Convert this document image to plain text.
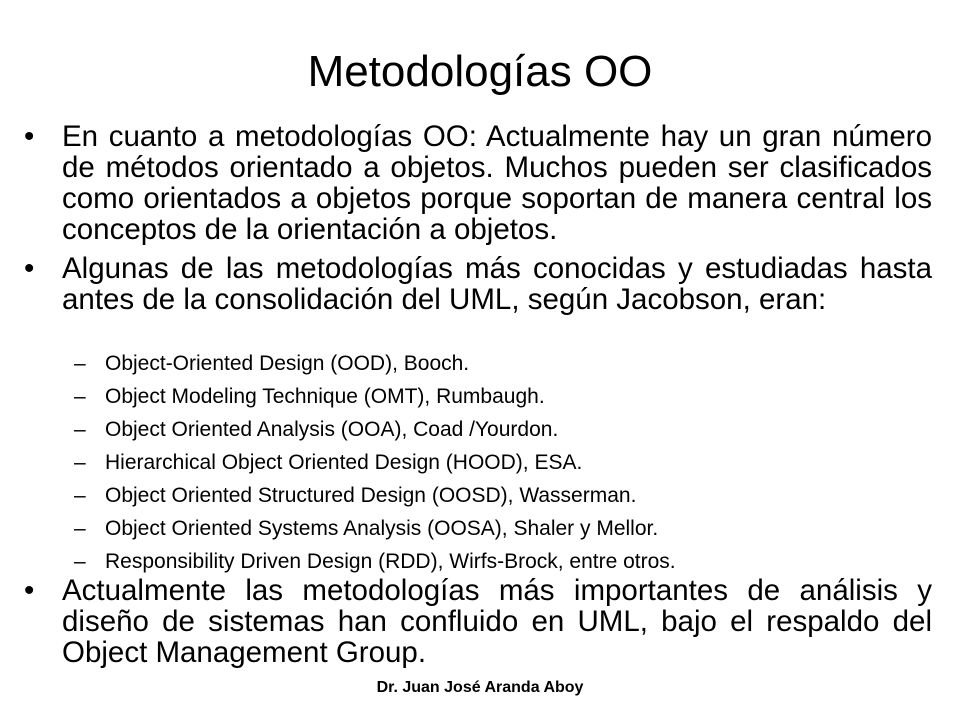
Metodologías OO
• En cuanto a metodologías OO: Actualmente hay un gran número de métodos orientado a objetos. Muchos pueden ser clasificados como orientados a objetos porque soportan de manera central los conceptos de la orientación a objetos.
• Algunas de las metodologías más conocidas y estudiadas hasta antes de la consolidación del UML, según Jacobson, eran:
– Object-Oriented Design (OOD), Booch.
– Object Modeling Technique (OMT), Rumbaugh.
– Object Oriented Analysis (OOA), Coad /Yourdon.
– Hierarchical Object Oriented Design (HOOD), ESA.
– Object Oriented Structured Design (OOSD), Wasserman.
– Object Oriented Systems Analysis (OOSA), Shaler y Mellor.
– Responsibility Driven Design (RDD), Wirfs-Brock, entre otros.
• Actualmente las metodologías más importantes de análisis y diseño de sistemas han confluido en UML, bajo el respaldo del Object Management Group.
Dr. Juan José Aranda Aboy
